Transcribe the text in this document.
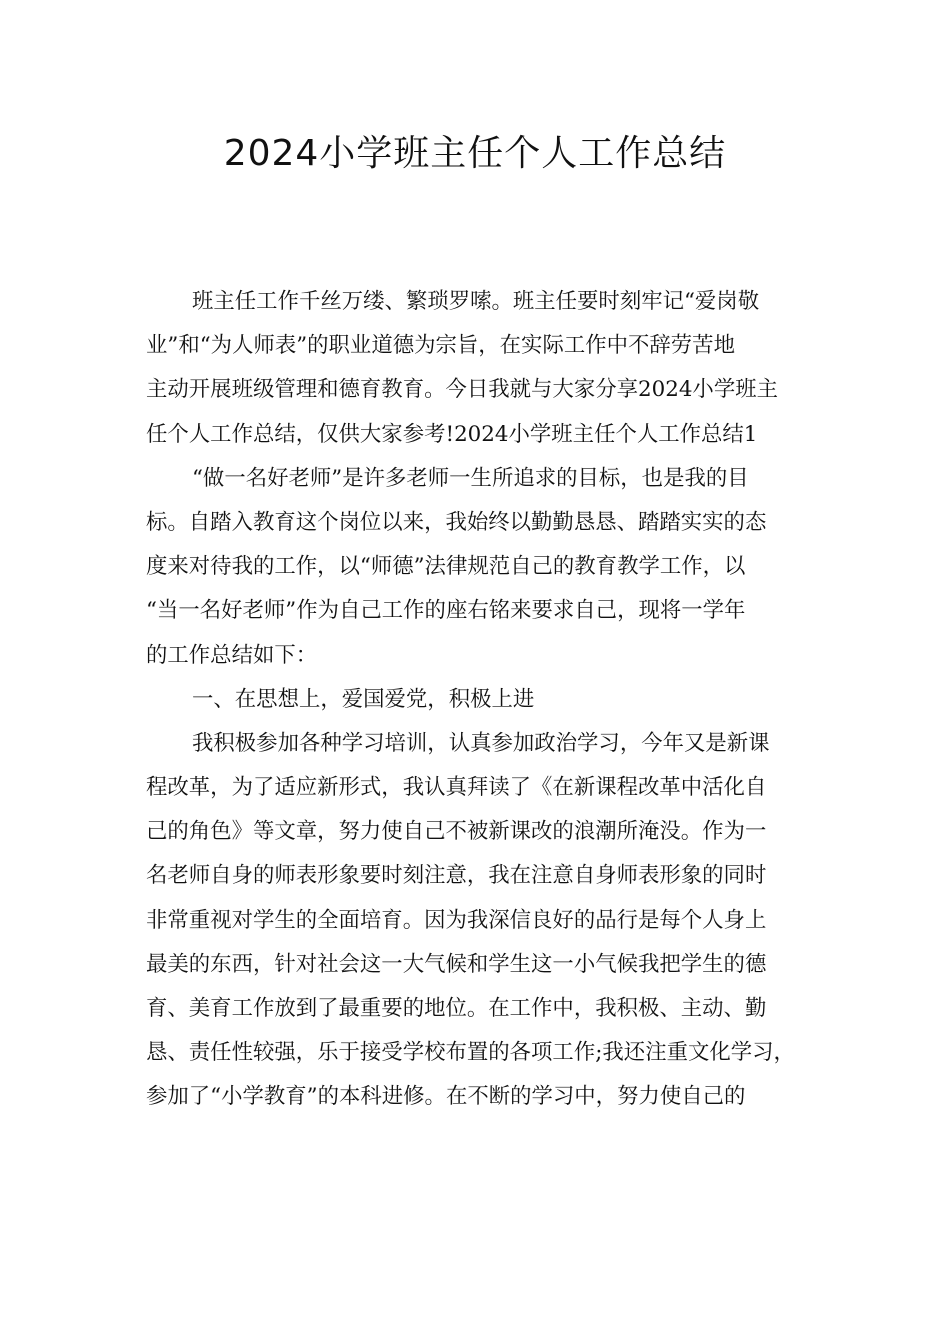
2024小学班主任个人工作总结
班主任工作千丝万缕、繁琐罗嗦。班主任要时刻牢记“爱岗敬
业”和“为人师表”的职业道德为宗旨，在实际工作中不辞劳苦地
主动开展班级管理和德育教育。今日我就与大家分享2024小学班主
任个人工作总结，仅供大家参考!2024小学班主任个人工作总结1
“做一名好老师”是许多老师一生所追求的目标，也是我的目
标。自踏入教育这个岗位以来，我始终以勤勤恳恳、踏踏实实的态
度来对待我的工作，以“师德”法律规范自己的教育教学工作，以
“当一名好老师”作为自己工作的座右铭来要求自己，现将一学年
的工作总结如下：
一、在思想上，爱国爱党，积极上进
我积极参加各种学习培训，认真参加政治学习，今年又是新课
程改革，为了适应新形式，我认真拜读了《在新课程改革中活化自
己的角色》等文章，努力使自己不被新课改的浪潮所淹没。作为一
名老师自身的师表形象要时刻注意，我在注意自身师表形象的同时
非常重视对学生的全面培育。因为我深信良好的品行是每个人身上
最美的东西，针对社会这一大气候和学生这一小气候我把学生的德
育、美育工作放到了最重要的地位。在工作中，我积极、主动、勤
恳、责任性较强，乐于接受学校布置的各项工作;我还注重文化学习，
参加了“小学教育”的本科进修。在不断的学习中，努力使自己的
